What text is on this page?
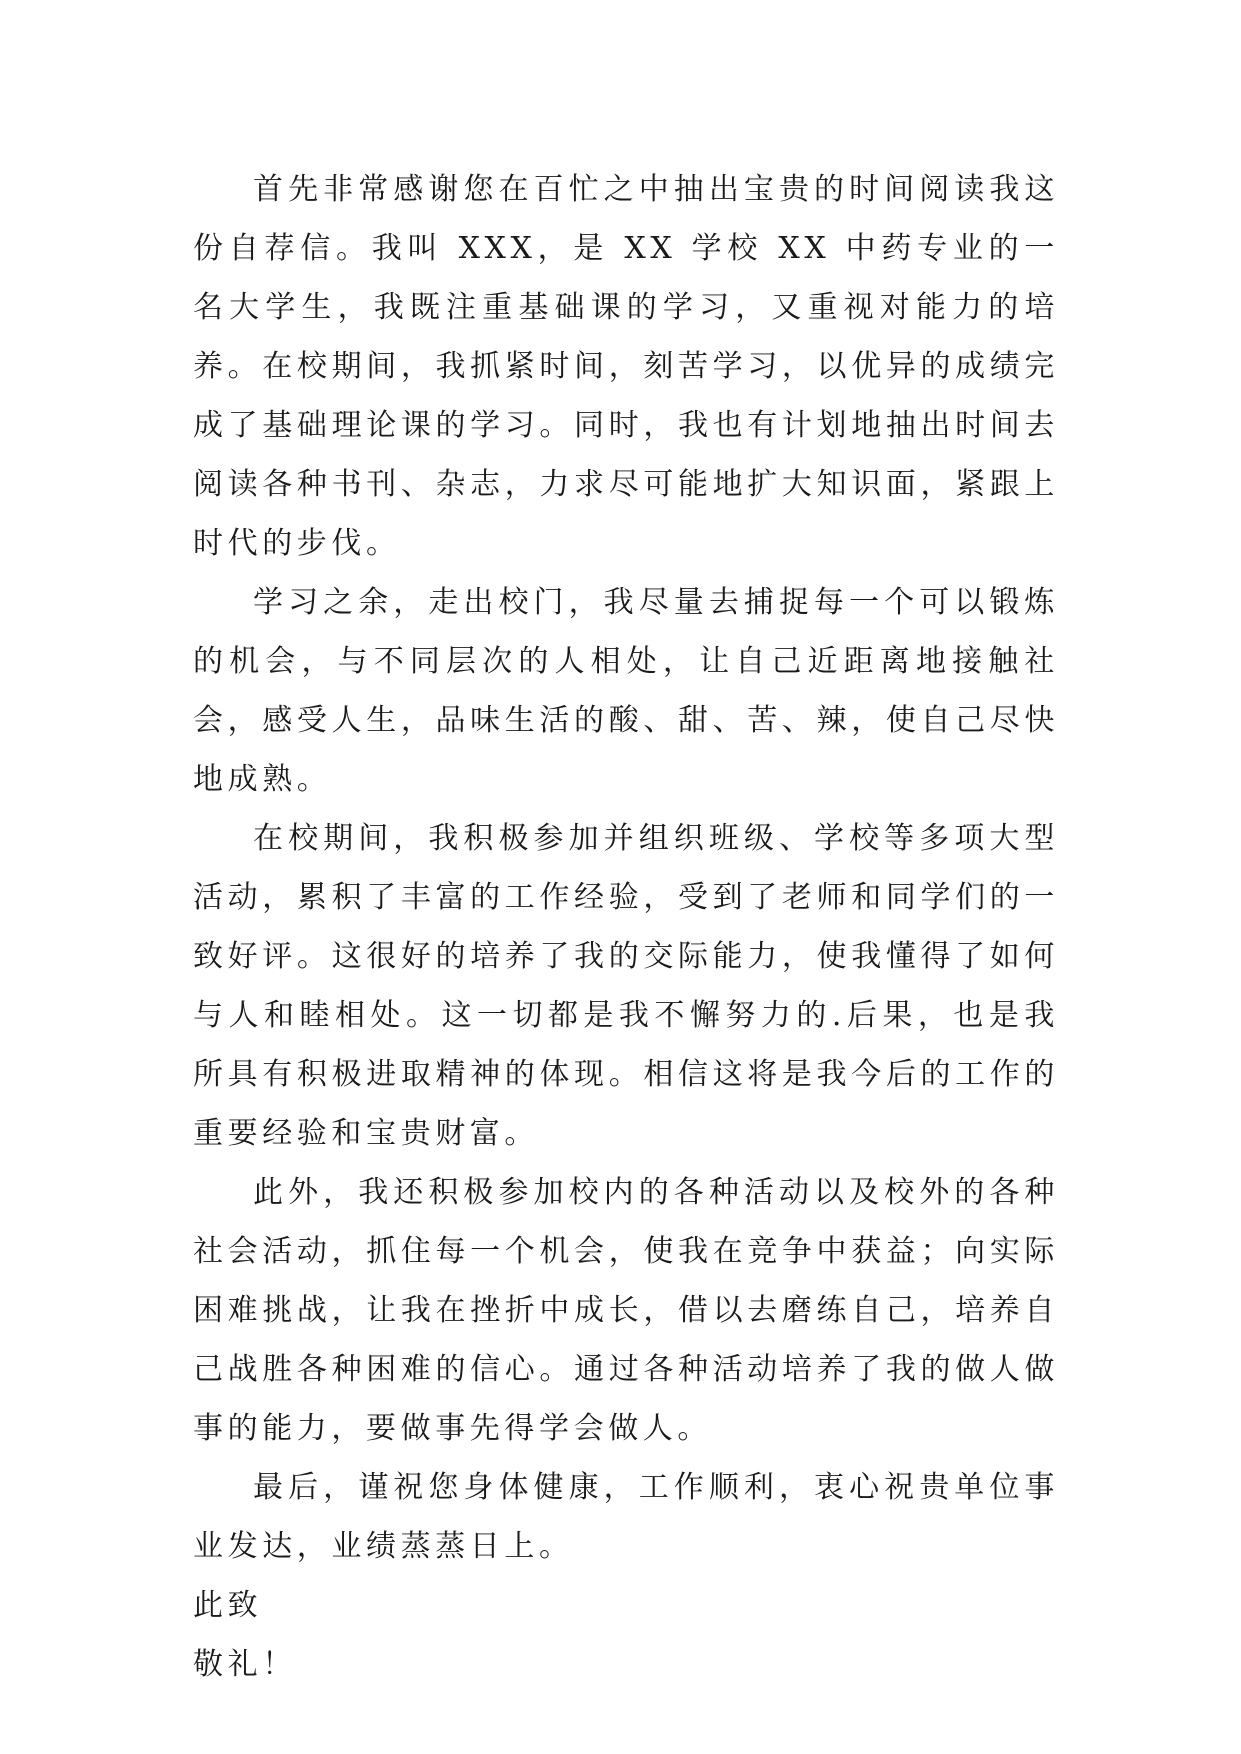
首先非常感谢您在百忙之中抽出宝贵的时间阅读我这份自荐信。我叫 XXX，是 XX 学校 XX 中药专业的一名大学生，我既注重基础课的学习，又重视对能力的培养。在校期间，我抓紧时间，刻苦学习，以优异的成绩完成了基础理论课的学习。同时，我也有计划地抽出时间去阅读各种书刊、杂志，力求尽可能地扩大知识面，紧跟上时代的步伐。

学习之余，走出校门，我尽量去捕捉每一个可以锻炼的机会，与不同层次的人相处，让自己近距离地接触社会，感受人生，品味生活的酸、甜、苦、辣，使自己尽快地成熟。

在校期间，我积极参加并组织班级、学校等多项大型活动，累积了丰富的工作经验，受到了老师和同学们的一致好评。这很好的培养了我的交际能力，使我懂得了如何与人和睦相处。这一切都是我不懈努力的.后果，也是我所具有积极进取精神的体现。相信这将是我今后的工作的重要经验和宝贵财富。

此外，我还积极参加校内的各种活动以及校外的各种社会活动，抓住每一个机会，使我在竞争中获益；向实际困难挑战，让我在挫折中成长，借以去磨练自己，培养自己战胜各种困难的信心。通过各种活动培养了我的做人做事的能力，要做事先得学会做人。

最后，谨祝您身体健康，工作顺利，衷心祝贵单位事业发达，业绩蒸蒸日上。

此致

敬礼！
